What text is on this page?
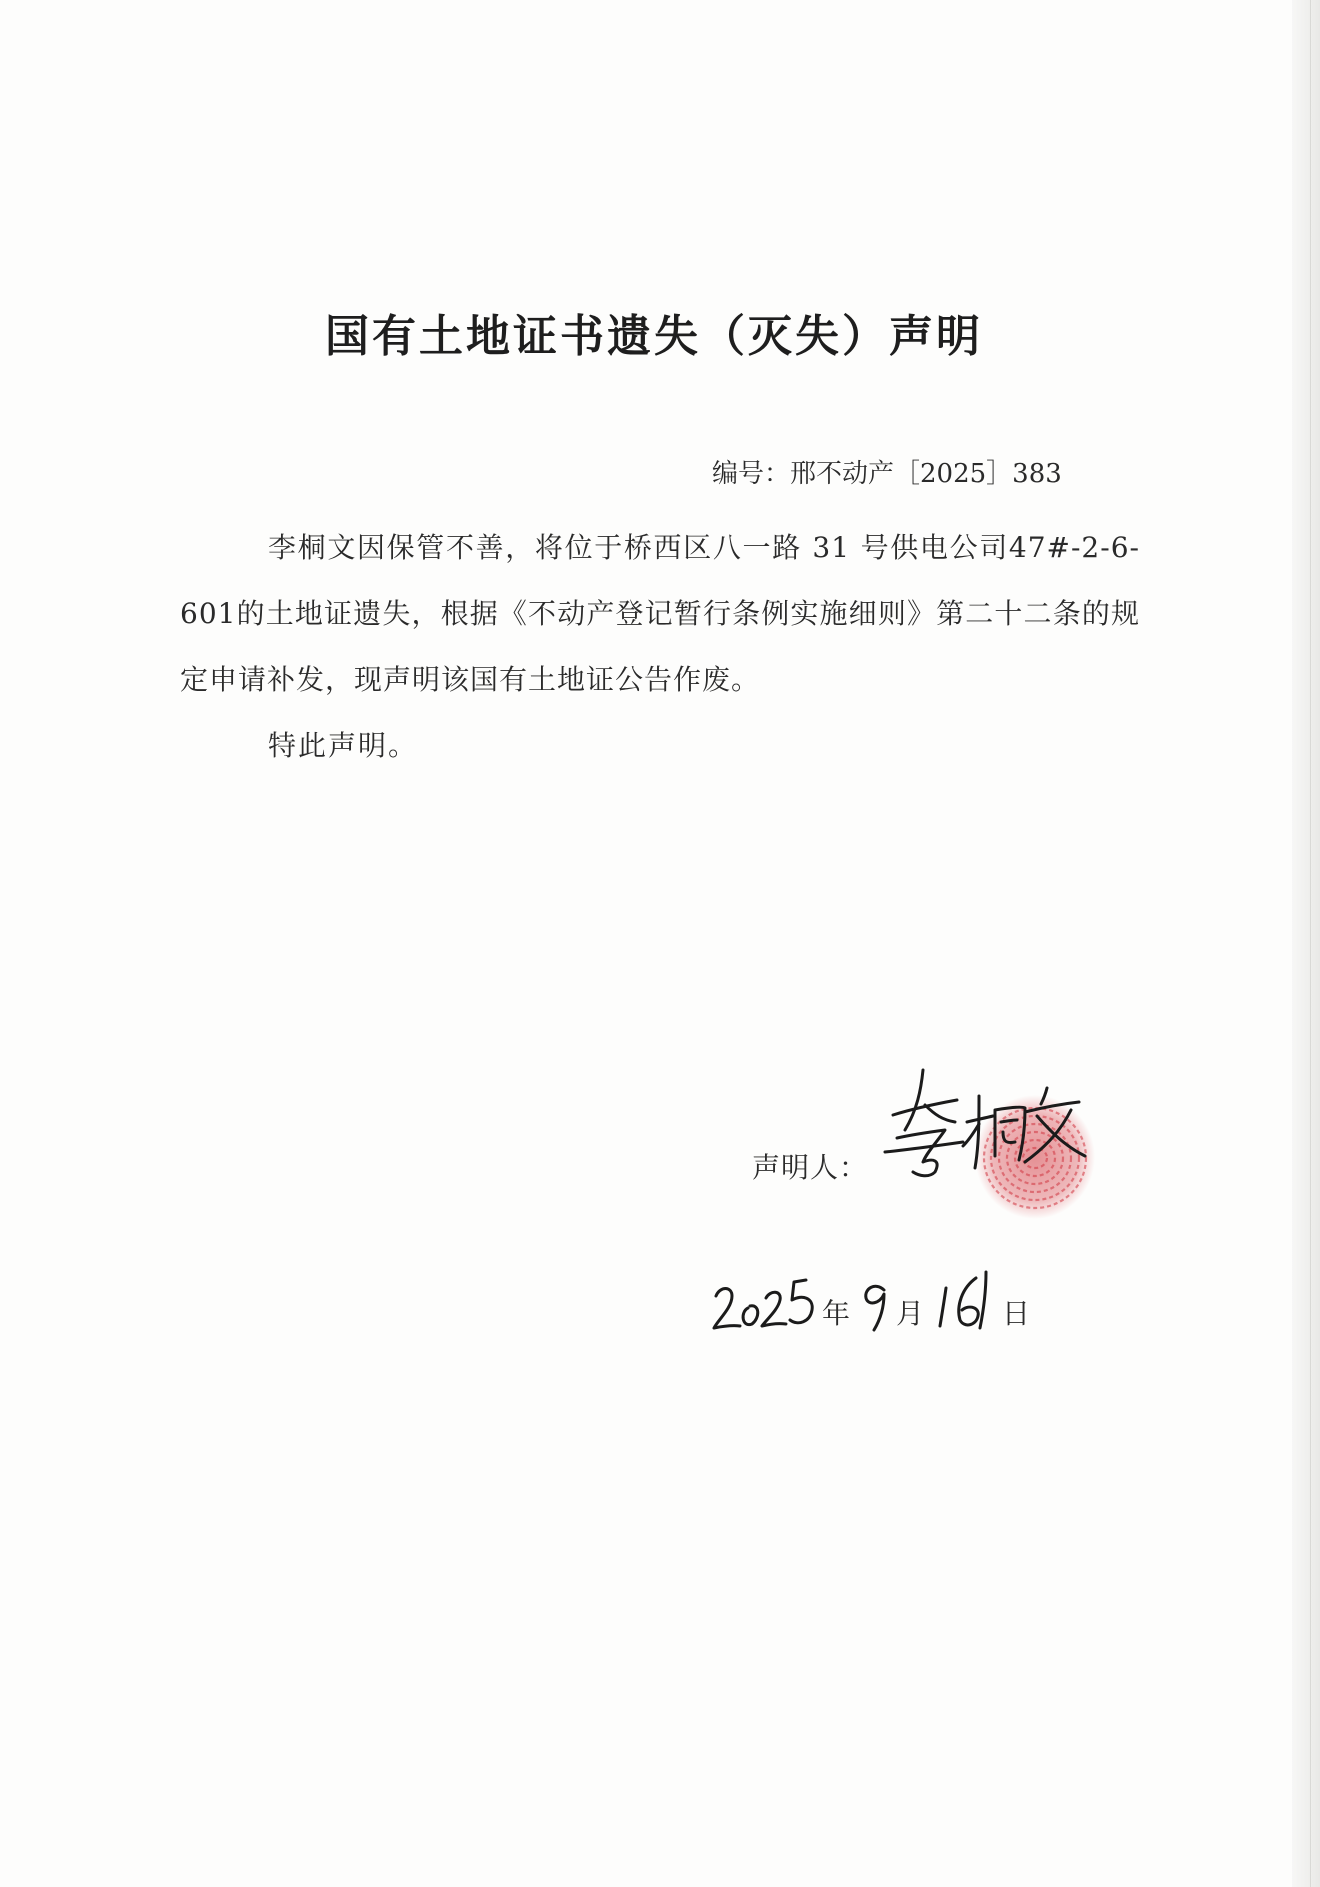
国有土地证书遗失（灭失）声明
编号：邢不动产［2025］383

李桐文因保管不善，将位于桥西区八一路 31 号供电公司47#-2-6-601的土地证遗失，根据《不动产登记暂行条例实施细则》第二十二条的规定申请补发，现声明该国有土地证公告作废。

特此声明。
声明人：
年 月	日
